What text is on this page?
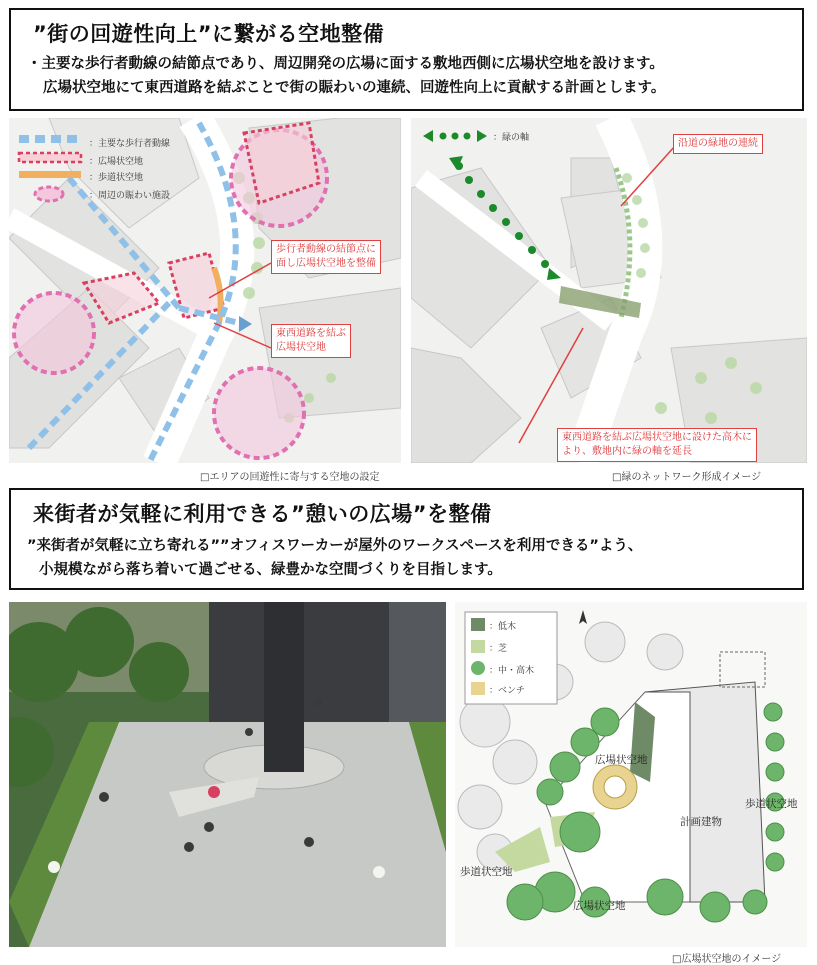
”街の回遊性向上”に繋がる空地整備
・主要な歩行者動線の結節点であり、周辺開発の広場に面する敷地西側に広場状空地を設けます。
広場状空地にて東西道路を結ぶことで街の賑わいの連続、回遊性向上に貢献する計画とします。
：主要な歩行者動線
：広場状空地
：歩道状空地
：周辺の賑わい施設
歩行者動線の結節点に
面し広場状空地を整備
東西道路を結ぶ
広場状空地
□エリアの回遊性に寄与する空地の設定
：緑の軸	沿道の緑地の連続
東西道路を結ぶ広場状空地に設けた高木に
より、敷地内に緑の軸を延長
□緑のネットワーク形成イメージ
来街者が気軽に利用できる”憩いの広場”を整備
”来街者が気軽に立ち寄れる””オフィスワーカーが屋外のワークスペースを利用できる”よう、
小規模ながら落ち着いて過ごせる、緑豊かな空間づくりを目指します。
：低木
：芝
：中・高木
：ベンチ
広場状空地
計画建物
歩道状空地
歩道状空地
広場状空地
□広場状空地のイメージ
